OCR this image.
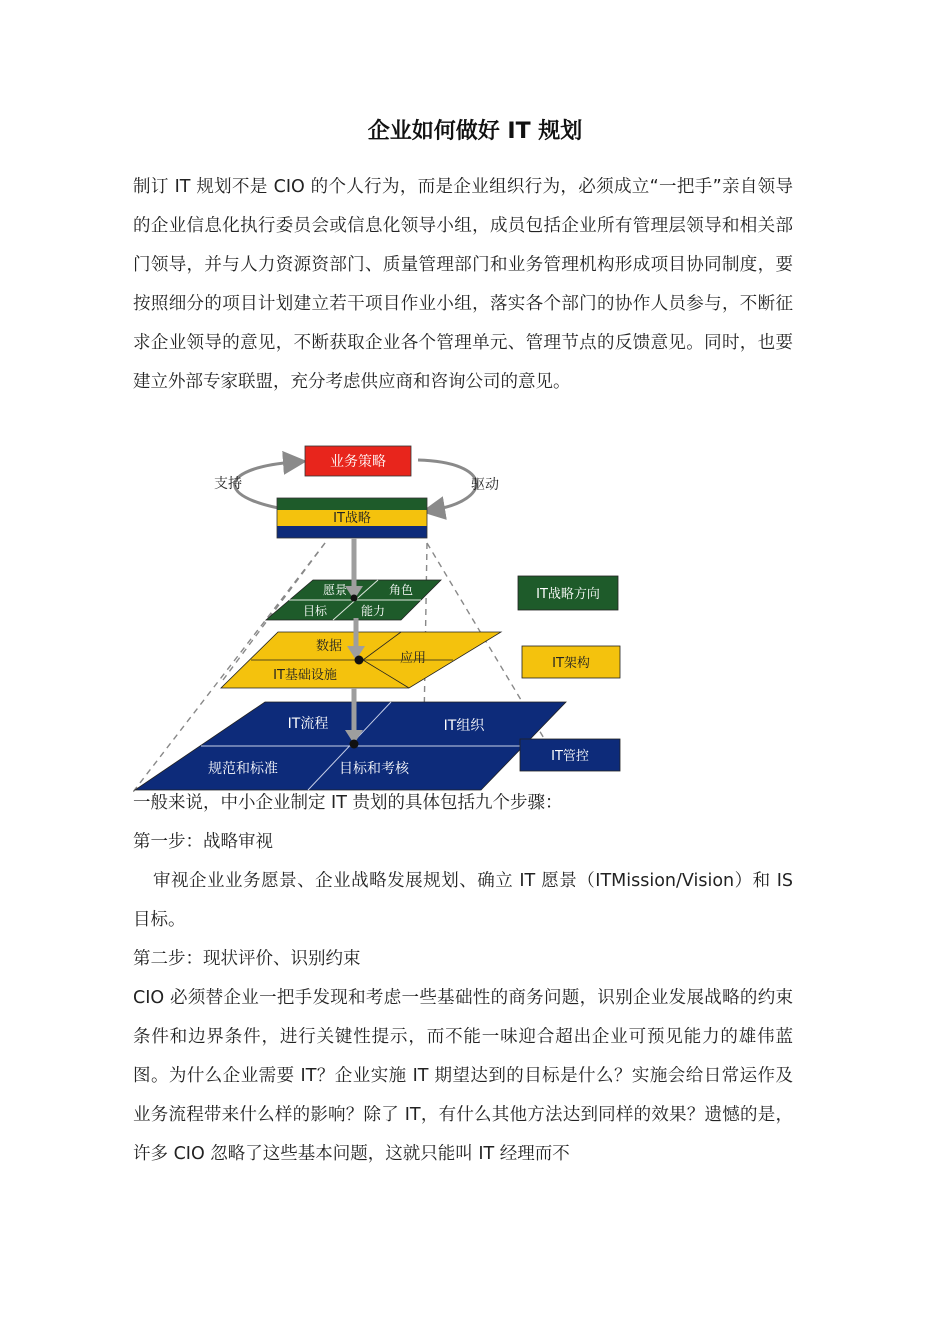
企业如何做好 IT 规划

制订 IT 规划不是 CIO 的个人行为，而是企业组织行为，必须成立“一把手”亲自领导的企业信息化执行委员会或信息化领导小组，成员包括企业所有管理层领导和相关部门领导，并与人力资源资部门、质量管理部门和业务管理机构形成项目协同制度，要按照细分的项目计划建立若干项目作业小组，落实各个部门的协作人员参与，不断征求企业领导的意见，不断获取企业各个管理单元、管理节点的反馈意见。同时，也要建立外部专家联盟，充分考虑供应商和咨询公司的意见。

业务策略
支持	驱动
IT战略
愿景	角色
目标	能力
数据
应用
IT基础设施
IT流程	IT组织
规范和标准	目标和考核
IT战略方向
IT架构
IT管控

一般来说，中小企业制定 IT 贵划的具体包括九个步骤：

第一步：战略审视

审视企业业务愿景、企业战略发展规划、确立 IT 愿景（ITMission/Vision）和 IS 目标。

第二步：现状评价、识别约束

CIO 必须替企业一把手发现和考虑一些基础性的商务问题，识别企业发展战略的约束条件和边界条件，进行关键性提示，而不能一味迎合超出企业可预见能力的雄伟蓝图。为什么企业需要 IT？企业实施 IT 期望达到的目标是什么？实施会给日常运作及业务流程带来什么样的影响？除了 IT，有什么其他方法达到同样的效果？遗憾的是，许多 CIO 忽略了这些基本问题，这就只能叫 IT 经理而不
